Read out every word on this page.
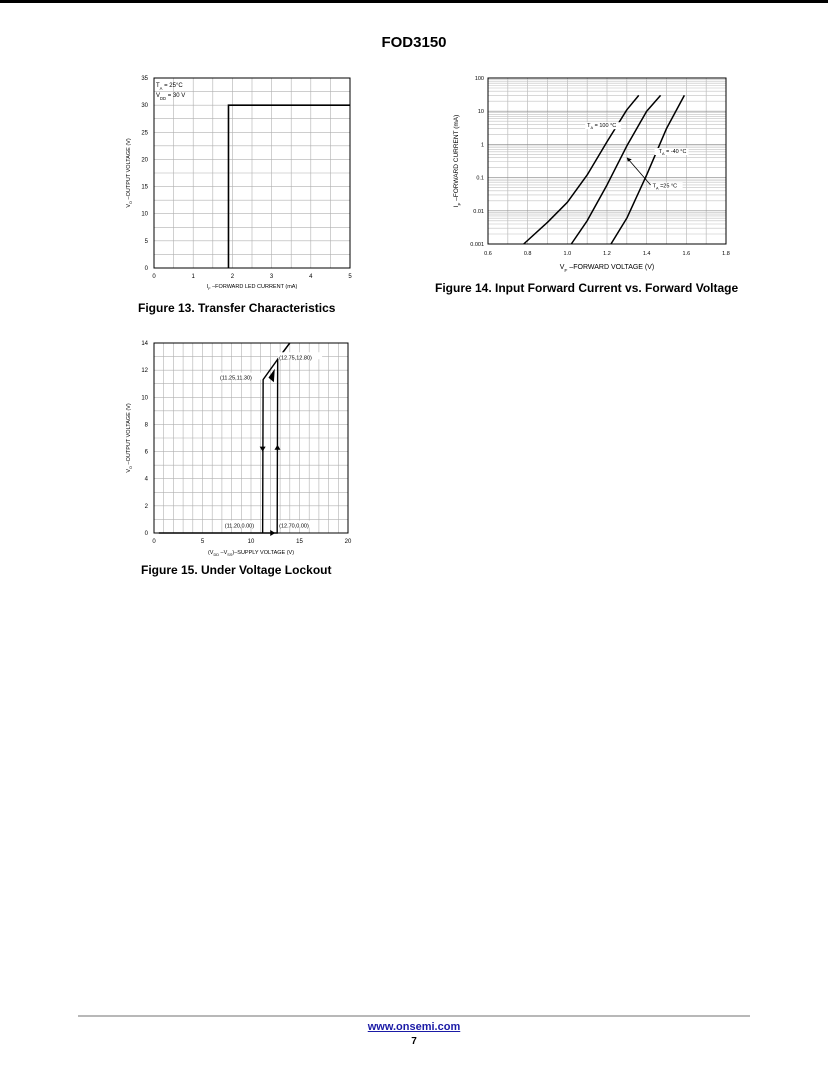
FOD3150
0	1	2	3	4	5
0
5
10
15
20
25
30
35
$T_A = 25^\circ C$
$V_{DD} = 30$ V
$I_F$ –FORWARD LED CURRENT (mA)
$V_O$ –OUTPUT VOLTAGE (V)
Figure 13. Transfer Characteristics
0.6	0.8	1.0	1.2	1.4	1.6	1.8
0.001
0.01
0.1
1
10
100
$T_A = 100$ °C
$T_A = -40$ °C
$T_A =25$ °C
$V_F$ –FORWARD VOLTAGE (V)
$I_F$ –FORWARD CURRENT (mA)
Figure 14. Input Forward Current vs. Forward Voltage
0	5	10	15	20
0
2
4
6
8
10
12
14
(12.75,12.80)
(11.25,11.30)
(11.20,0.00)	(12.70,0.00)
($V_{DD}$ $-V_{SS}$)–SUPPLY VOLTAGE (V)
$V_O$ –OUTPUT VOLTAGE (V)
Figure 15. Under Voltage Lockout
www.onsemi.com
7
